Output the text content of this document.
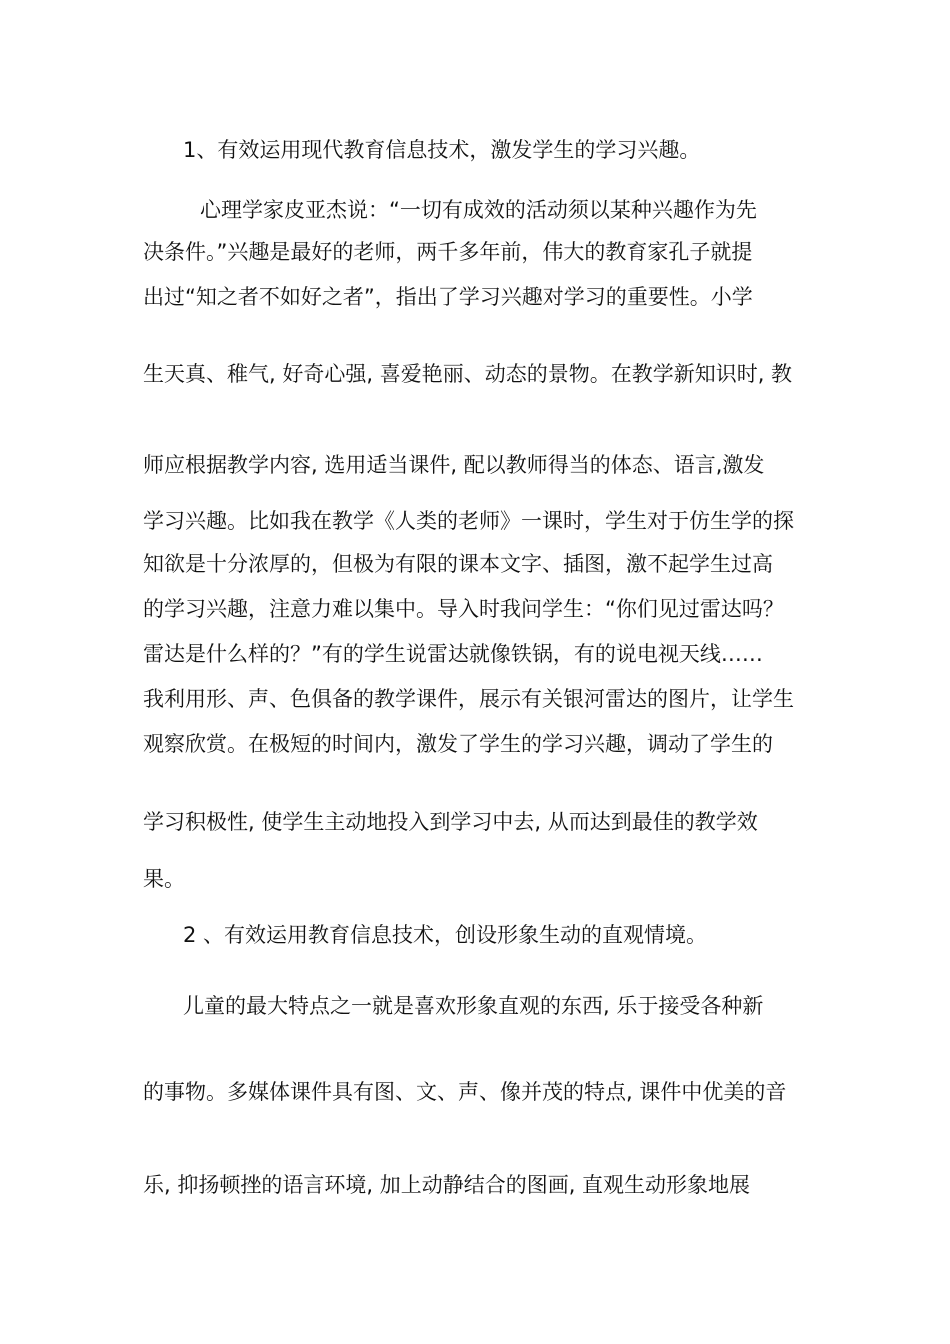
1、有效运用现代教育信息技术，激发学生的学习兴趣。
心理学家皮亚杰说：“一切有成效的活动须以某种兴趣作为先
决条件。”兴趣是最好的老师，两千多年前，伟大的教育家孔子就提
出过“知之者不如好之者”，指出了学习兴趣对学习的重要性。小学
生天真、稚气, 好奇心强, 喜爱艳丽、动态的景物。在教学新知识时, 教
师应根据教学内容, 选用适当课件, 配以教师得当的体态、语言,激发
学习兴趣。比如我在教学《人类的老师》一课时，学生对于仿生学的探
知欲是十分浓厚的，但极为有限的课本文字、插图，激不起学生过高
的学习兴趣，注意力难以集中。导入时我问学生：“你们见过雷达吗？
雷达是什么样的？”有的学生说雷达就像铁锅，有的说电视天线……
我利用形、声、色俱备的教学课件，展示有关银河雷达的图片，让学生
观察欣赏。在极短的时间内，激发了学生的学习兴趣，调动了学生的
学习积极性, 使学生主动地投入到学习中去, 从而达到最佳的教学效
果。
2 、有效运用教育信息技术，创设形象生动的直观情境。
儿童的最大特点之一就是喜欢形象直观的东西, 乐于接受各种新
的事物。多媒体课件具有图、文、声、像并茂的特点, 课件中优美的音
乐, 抑扬顿挫的语言环境, 加上动静结合的图画, 直观生动形象地展
